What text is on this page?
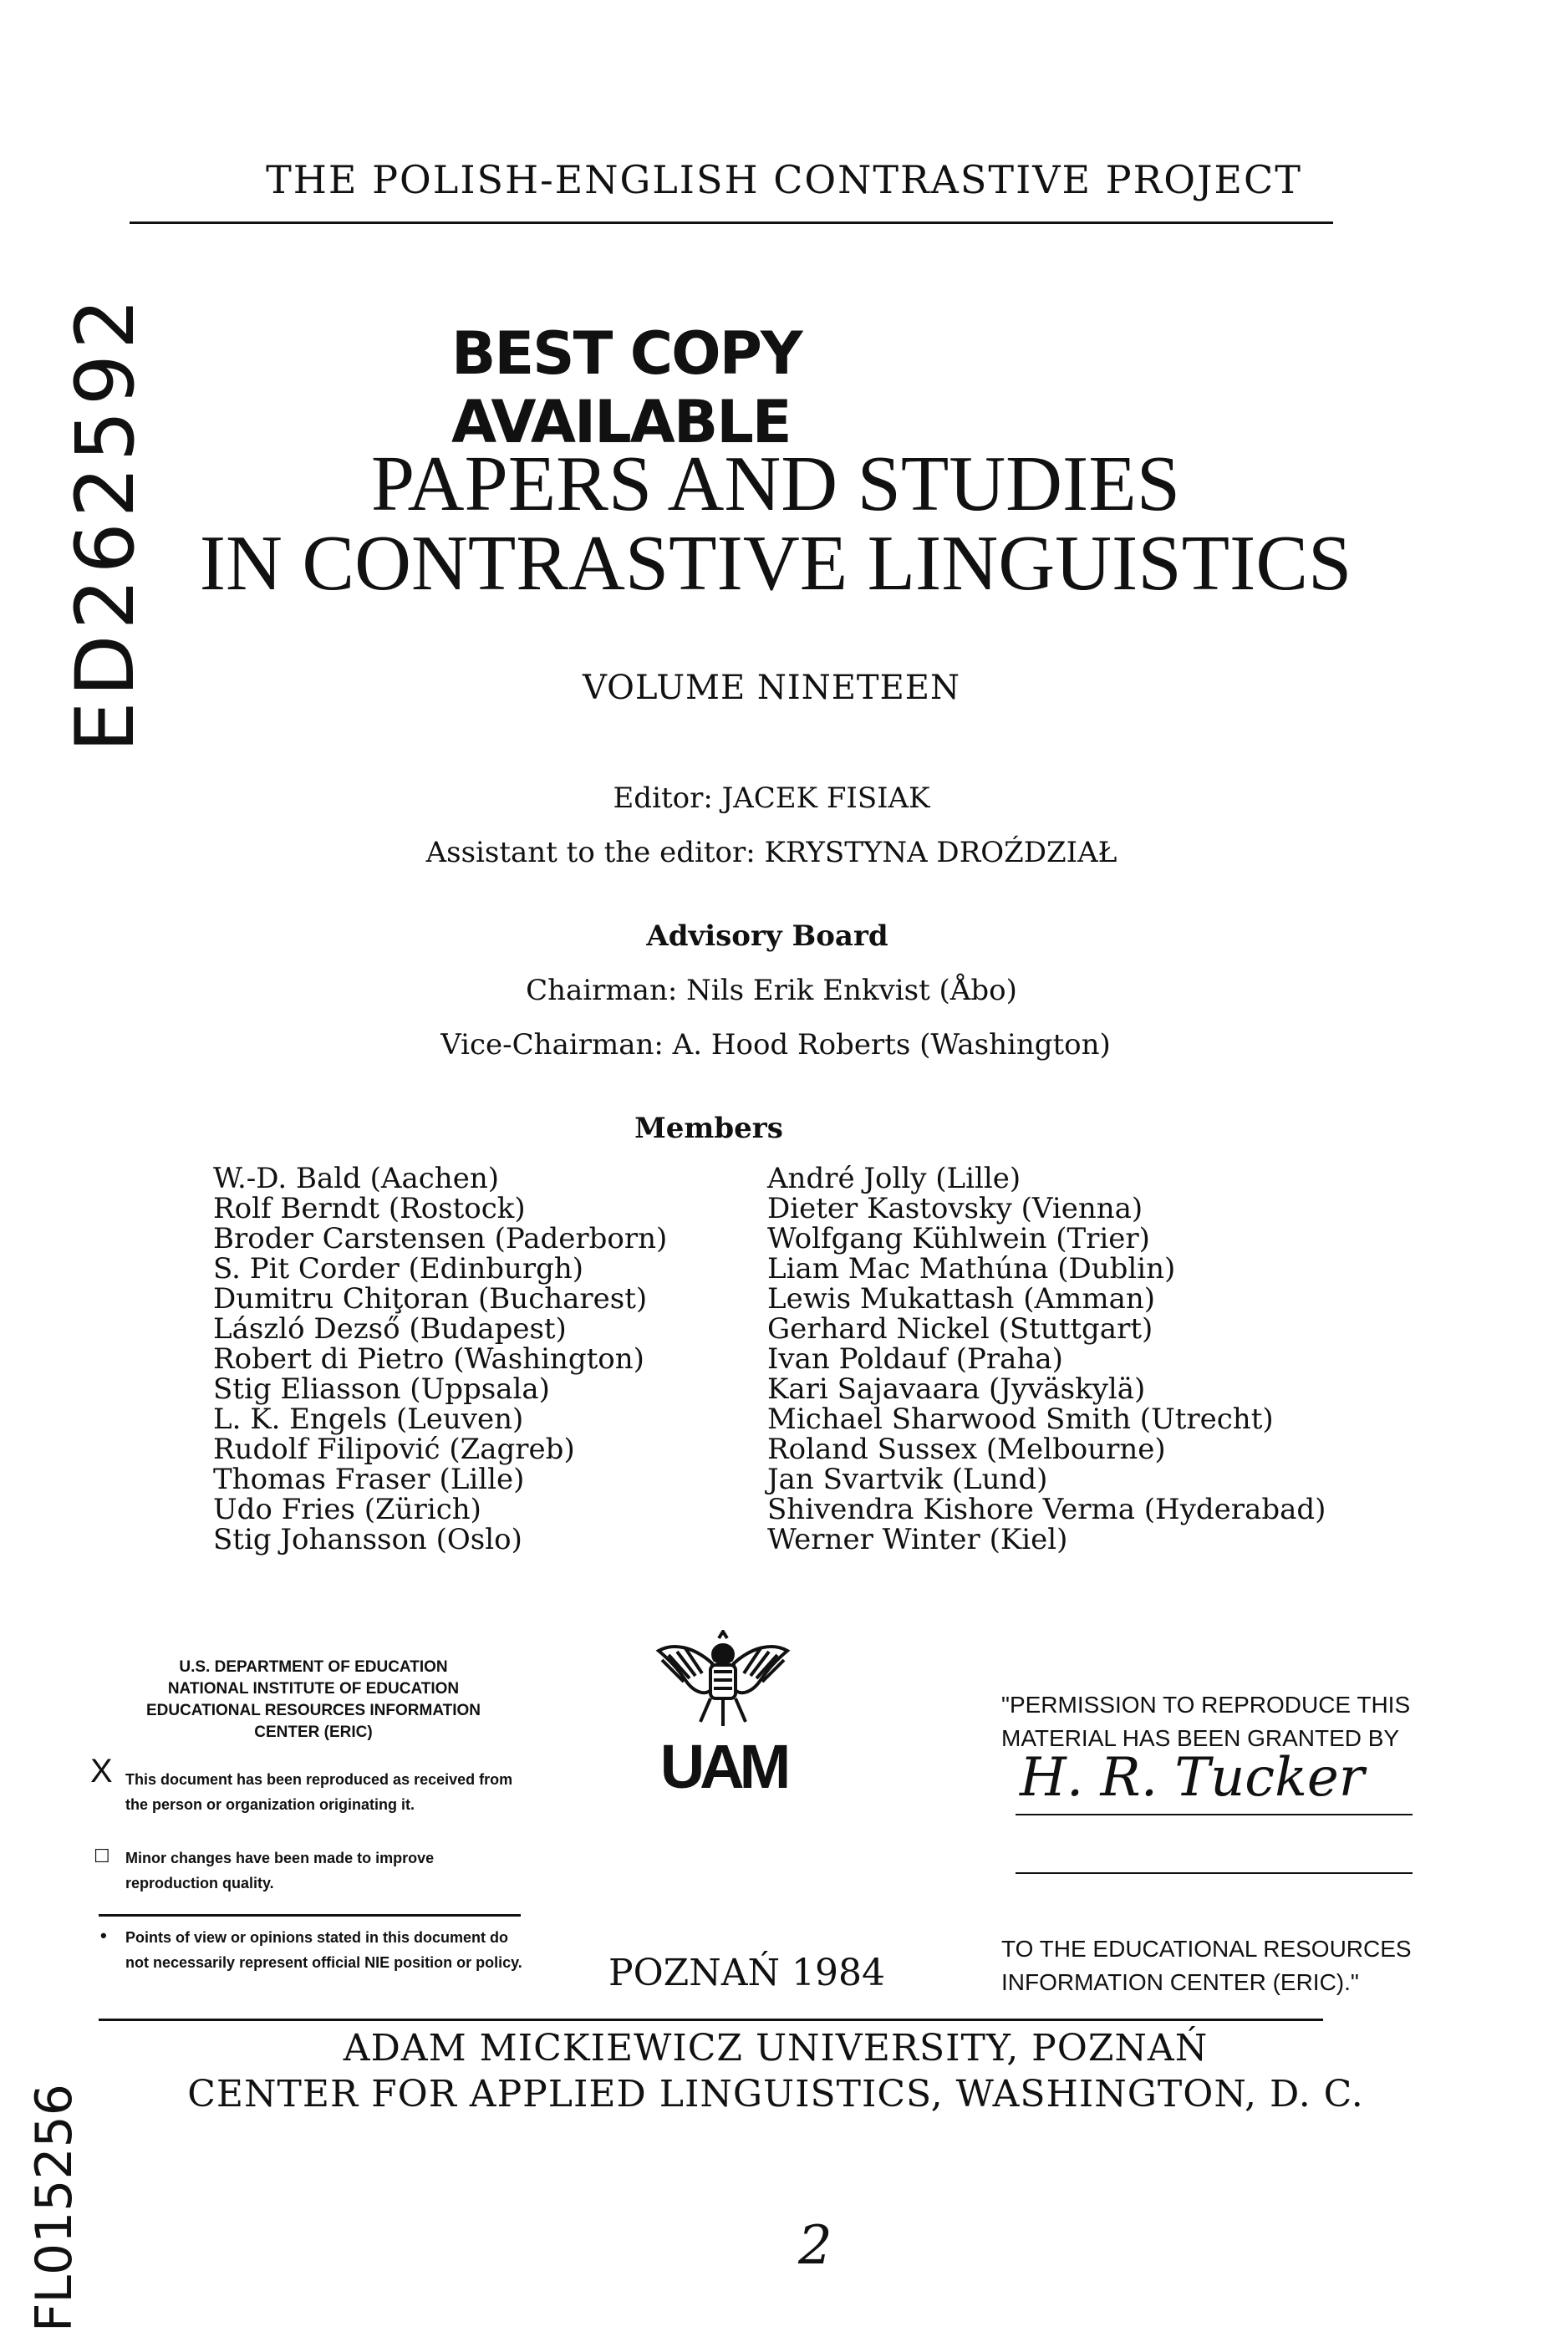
THE POLISH-ENGLISH CONTRASTIVE PROJECT
BEST COPY AVAILABLE
ED262592	PAPERS AND STUDIES
IN CONTRASTIVE LINGUISTICS
VOLUME NINETEEN
Editor: JACEK FISIAK
Assistant to the editor: KRYSTYNA DROŹDZIAŁ
Advisory Board
Chairman: Nils Erik Enkvist (Åbo)
Vice-Chairman: A. Hood Roberts (Washington)
Members
W.-D. Bald (Aachen)
Rolf Berndt (Rostock)
Broder Carstensen (Paderborn)
S. Pit Corder (Edinburgh)
Dumitru Chiţoran (Bucharest)
László Dezső (Budapest)
Robert di Pietro (Washington)
Stig Eliasson (Uppsala)
L. K. Engels (Leuven)
Rudolf Filipović (Zagreb)
Thomas Fraser (Lille)
Udo Fries (Zürich)
Stig Johansson (Oslo)
André Jolly (Lille)
Dieter Kastovsky (Vienna)
Wolfgang Kühlwein (Trier)
Liam Mac Mathúna (Dublin)
Lewis Mukattash (Amman)
Gerhard Nickel (Stuttgart)
Ivan Poldauf (Praha)
Kari Sajavaara (Jyväskylä)
Michael Sharwood Smith (Utrecht)
Roland Sussex (Melbourne)
Jan Svartvik (Lund)
Shivendra Kishore Verma (Hyderabad)
Werner Winter (Kiel)
U.S. DEPARTMENT OF EDUCATION
NATIONAL INSTITUTE OF EDUCATION
EDUCATIONAL RESOURCES INFORMATION
CENTER (ERIC)
X This document has been reproduced as received from the person or organization originating it.
☐ Minor changes have been made to improve reproduction quality.
• Points of view or opinions stated in this document do not necessarily represent official NIE position or policy.
UAM
"PERMISSION TO REPRODUCE THIS
MATERIAL HAS BEEN GRANTED BY
H. R. Tucker
TO THE EDUCATIONAL RESOURCES
INFORMATION CENTER (ERIC)."
POZNAŃ 1984
ADAM MICKIEWICZ UNIVERSITY, POZNAŃ
CENTER FOR APPLIED LINGUISTICS, WASHINGTON, D. C.
FL015256	2
